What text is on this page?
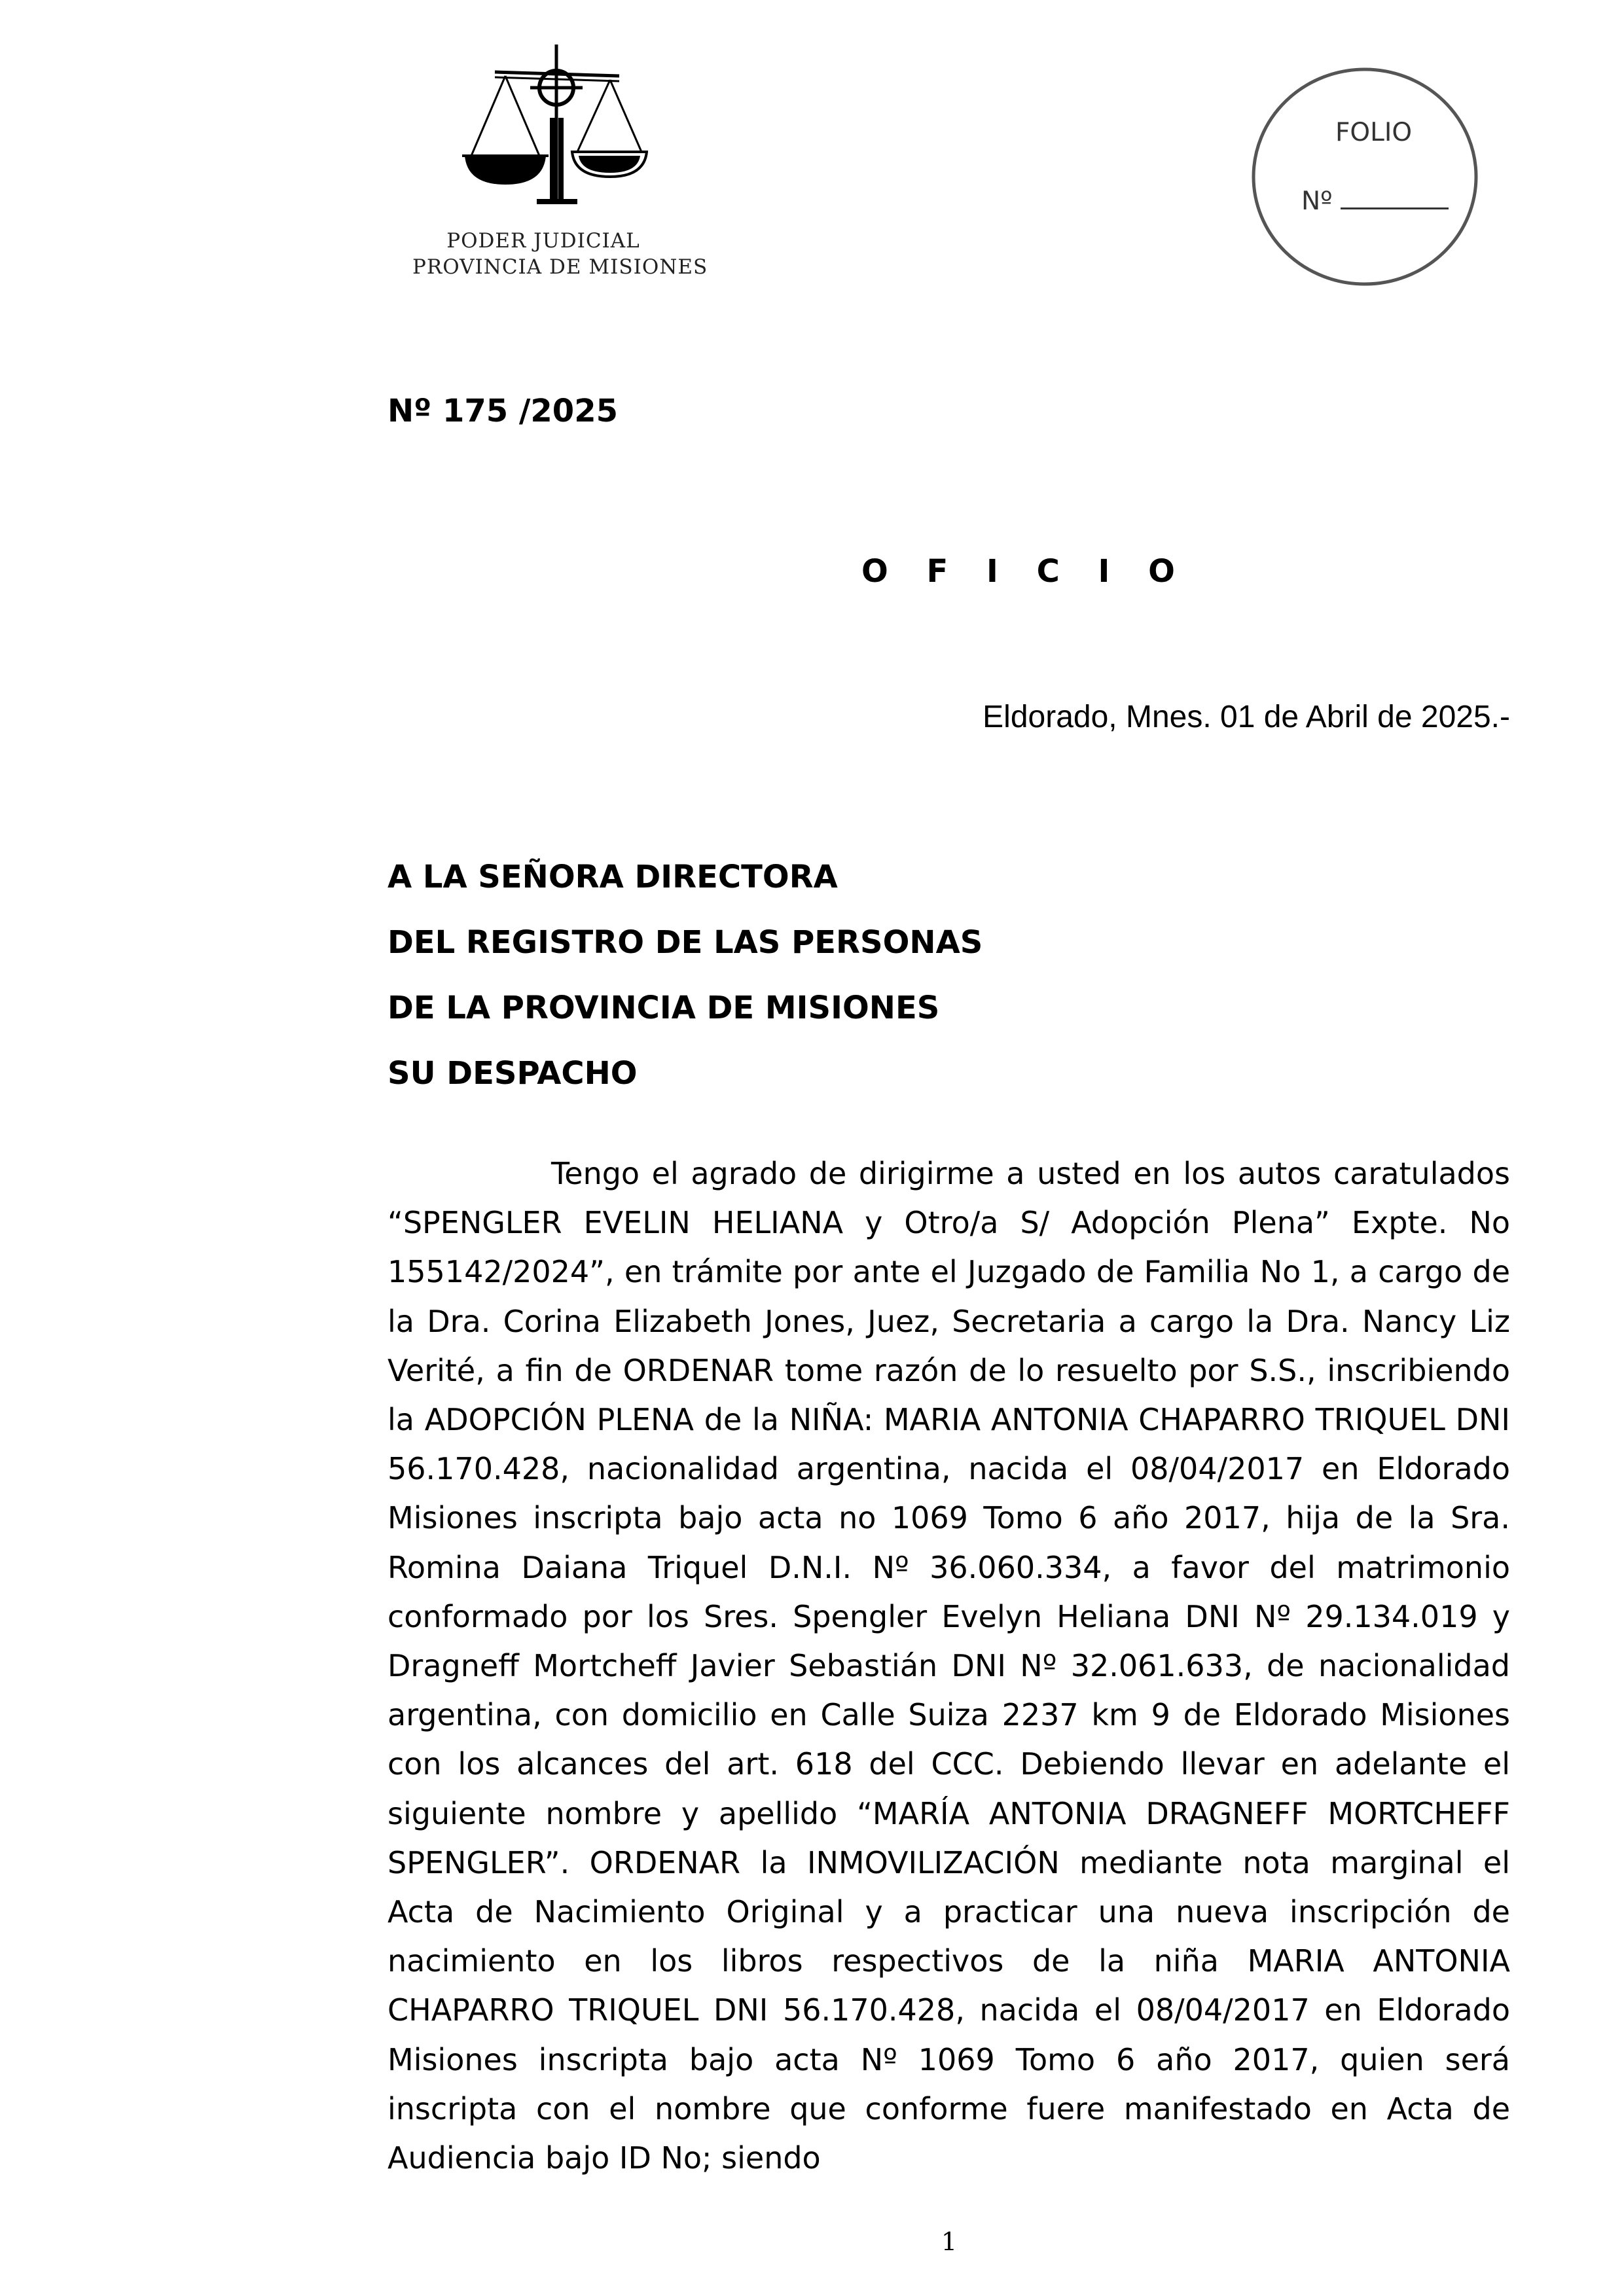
PODER JUDICIAL
PROVINCIA DE MISIONES
FOLIO
Nº
Nº 175 /2025
O F I C I O
Eldorado, Mnes. 01 de Abril de 2025.-
A LA SEÑORA DIRECTORA
DEL REGISTRO DE LAS PERSONAS
DE LA PROVINCIA DE MISIONES
SU DESPACHO

Tengo el agrado de dirigirme a usted en los autos caratulados “SPENGLER EVELIN HELIANA y Otro/a S/ Adopción Plena” Expte. No 155142/2024”, en trámite por ante el Juzgado de Familia No 1, a cargo de la Dra. Corina Elizabeth Jones, Juez, Secretaria a cargo la Dra. Nancy Liz Verité, a fin de ORDENAR tome razón de lo resuelto por S.S., inscribiendo la ADOPCIÓN PLENA de la NIÑA: MARIA ANTONIA CHAPARRO TRIQUEL DNI 56.170.428, nacionalidad argentina, nacida el 08/04/2017 en Eldorado Misiones inscripta bajo acta no 1069 Tomo 6 año 2017, hija de la Sra. Romina Daiana Triquel D.N.I. Nº 36.060.334, a favor del matrimonio conformado por los Sres. Spengler Evelyn Heliana DNI Nº 29.134.019 y Dragneff Mortcheff Javier Sebastián DNI Nº 32.061.633, de nacionalidad argentina, con domicilio en Calle Suiza 2237 km 9 de Eldorado Misiones con los alcances del art. 618 del CCC. Debiendo llevar en adelante el siguiente nombre y apellido “MARÍA ANTONIA DRAGNEFF MORTCHEFF SPENGLER”. ORDENAR la INMOVILIZACIÓN mediante nota marginal el Acta de Nacimiento Original y a practicar una nueva inscripción de nacimiento en los libros respectivos de la niña MARIA ANTONIA CHAPARRO TRIQUEL DNI 56.170.428, nacida el 08/04/2017 en Eldorado Misiones inscripta bajo acta Nº 1069 Tomo 6 año 2017, quien será inscripta con el nombre que conforme fuere manifestado en Acta de Audiencia bajo ID No; siendo

1
